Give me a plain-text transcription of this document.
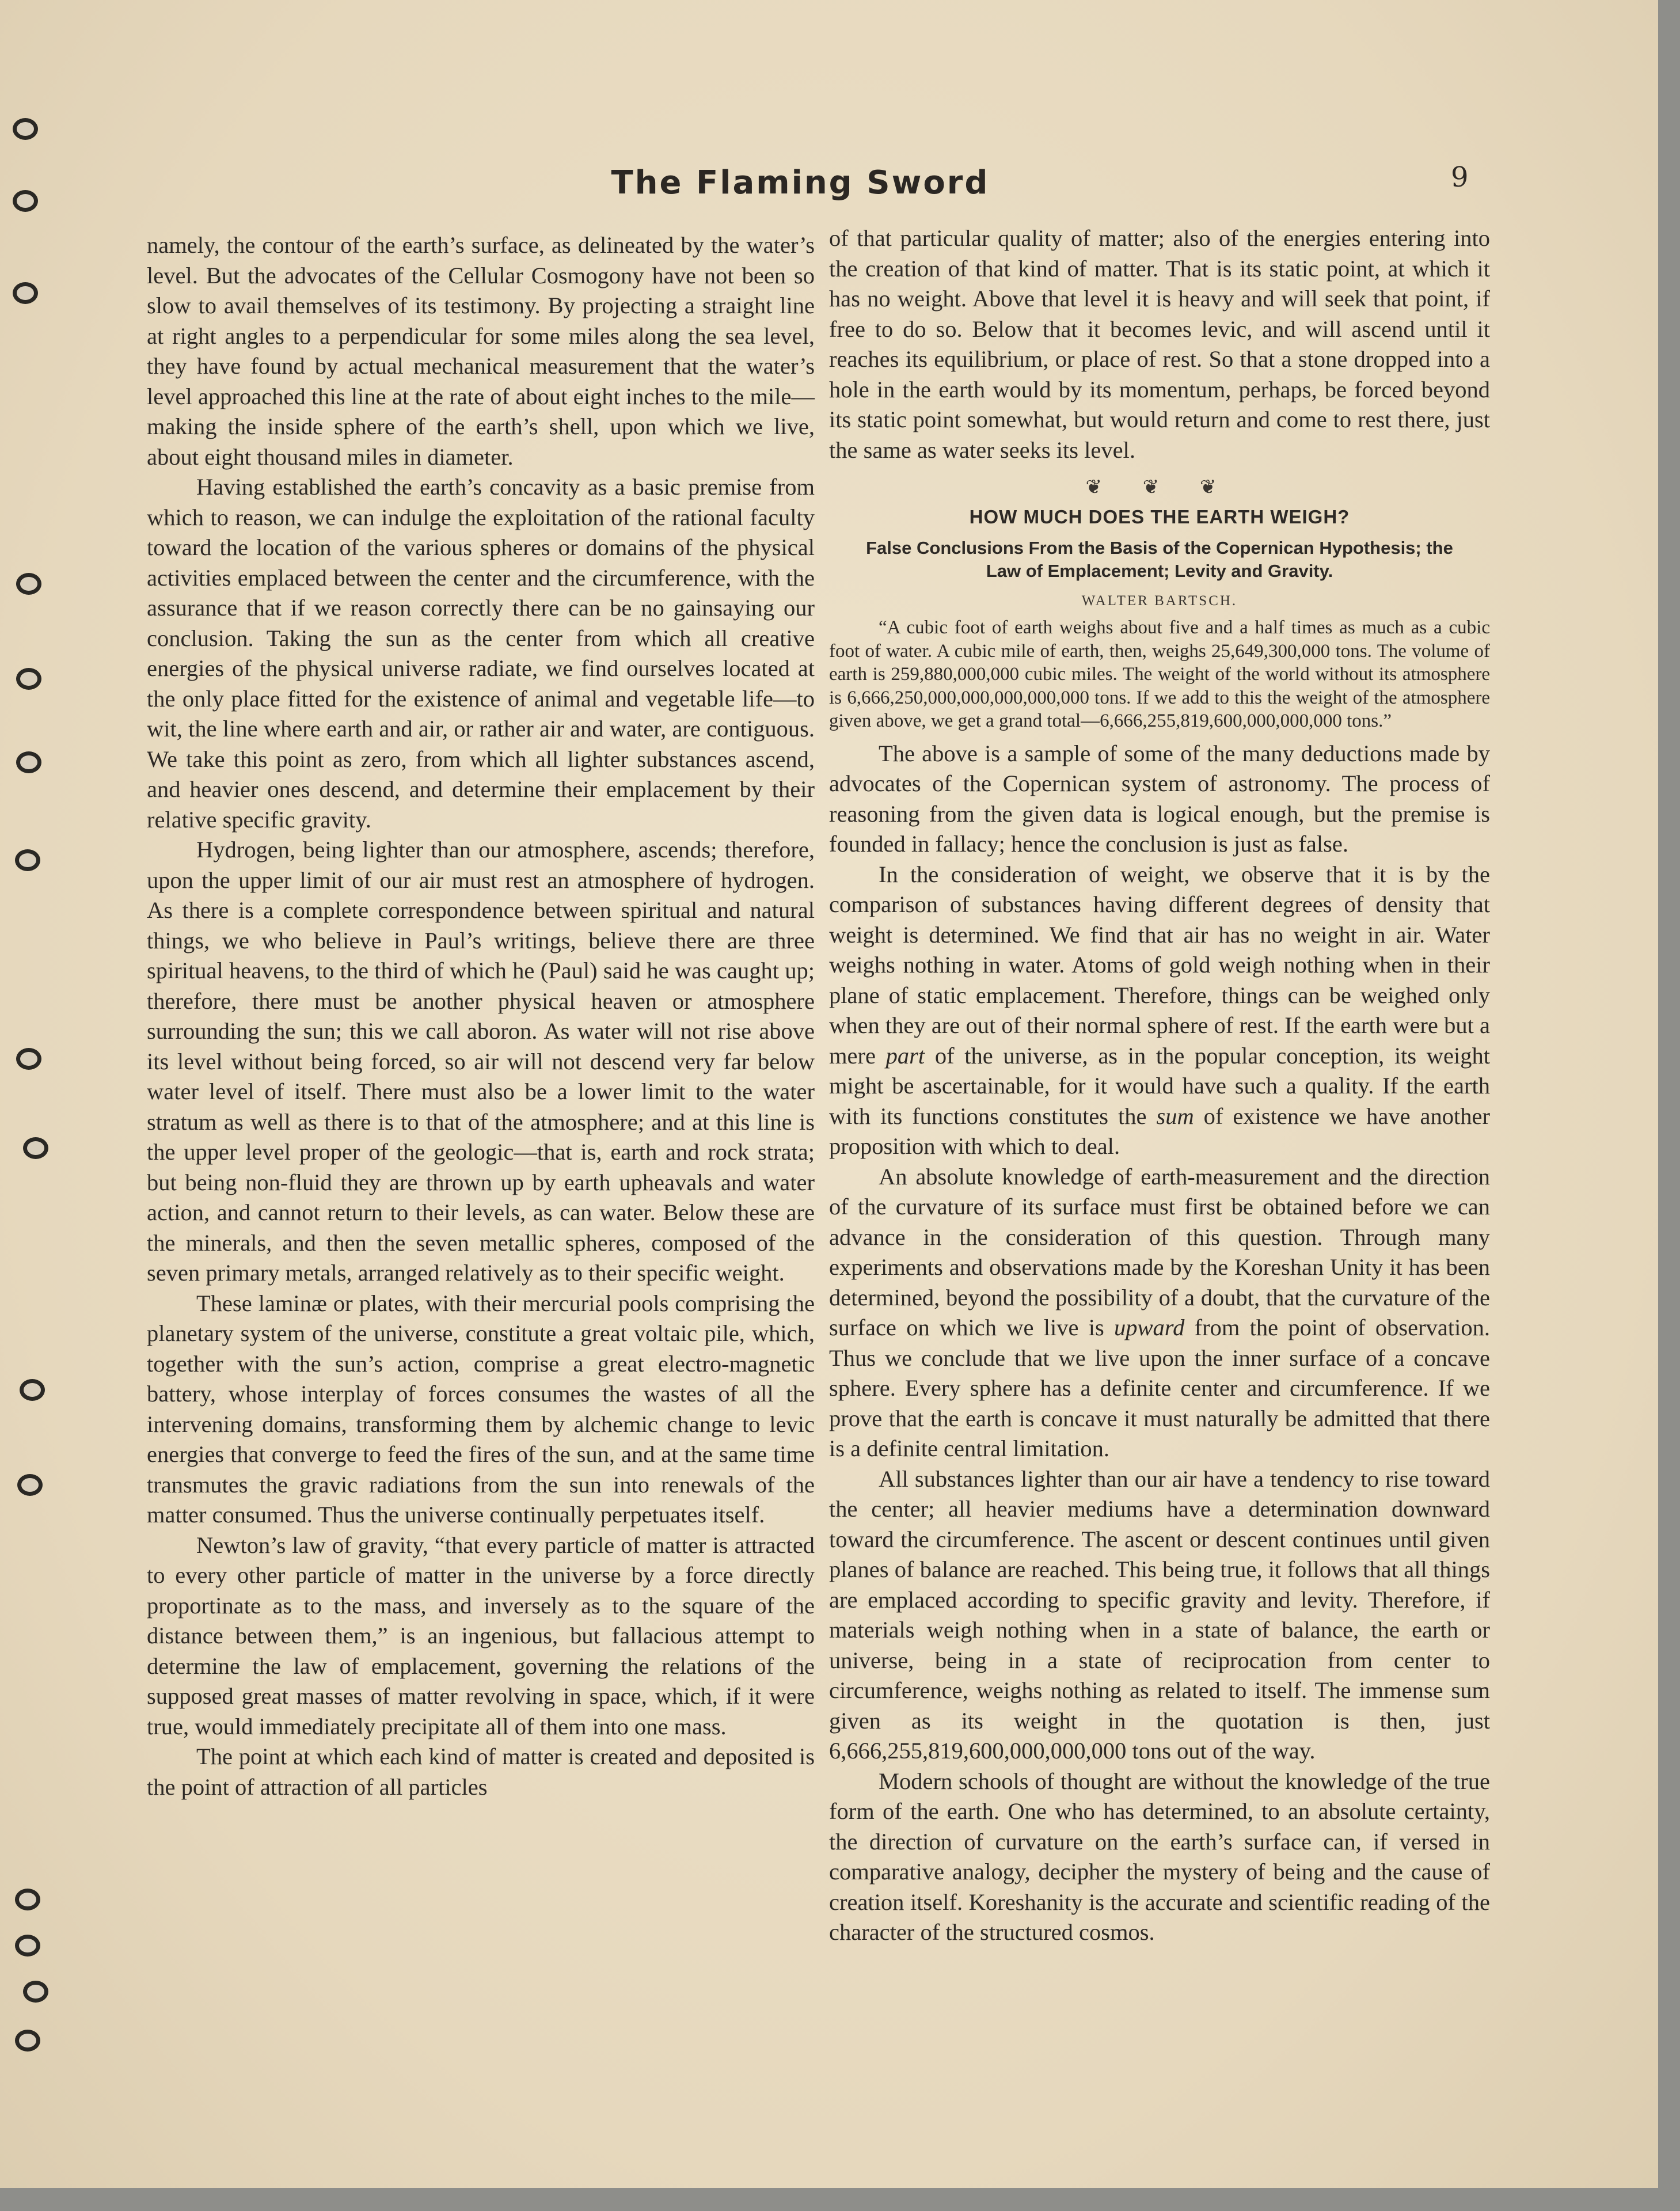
The Flaming Sword	9

namely, the contour of the earth’s surface, as delineated by the water’s level. But the advocates of the Cellular Cosmogony have not been so slow to avail themselves of its testimony. By projecting a straight line at right angles to a perpendicular for some miles along the sea level, they have found by actual mechanical measurement that the water’s level approached this line at the rate of about eight inches to the mile—making the inside sphere of the earth’s shell, upon which we live, about eight thousand miles in diameter.

Having established the earth’s concavity as a basic premise from which to reason, we can indulge the exploitation of the rational faculty toward the location of the various spheres or domains of the physical activities emplaced between the center and the circumference, with the assurance that if we reason correctly there can be no gainsaying our conclusion. Taking the sun as the center from which all creative energies of the physical universe radiate, we find ourselves located at the only place fitted for the existence of animal and vegetable life—to wit, the line where earth and air, or rather air and water, are contiguous. We take this point as zero, from which all lighter substances ascend, and heavier ones descend, and determine their emplacement by their relative specific gravity.

Hydrogen, being lighter than our atmosphere, ascends; therefore, upon the upper limit of our air must rest an atmosphere of hydrogen. As there is a complete correspondence between spiritual and natural things, we who believe in Paul’s writings, believe there are three spiritual heavens, to the third of which he (Paul) said he was caught up; therefore, there must be another physical heaven or atmosphere surrounding the sun; this we call aboron. As water will not rise above its level without being forced, so air will not descend very far below water level of itself. There must also be a lower limit to the water stratum as well as there is to that of the atmosphere; and at this line is the upper level proper of the geologic—that is, earth and rock strata; but being non-fluid they are thrown up by earth upheavals and water action, and cannot return to their levels, as can water. Below these are the minerals, and then the seven metallic spheres, composed of the seven primary metals, arranged relatively as to their specific weight.

These laminæ or plates, with their mercurial pools comprising the planetary system of the universe, constitute a great voltaic pile, which, together with the sun’s action, comprise a great electro-magnetic battery, whose interplay of forces consumes the wastes of all the intervening domains, transforming them by alchemic change to levic energies that converge to feed the fires of the sun, and at the same time transmutes the gravic radiations from the sun into renewals of the matter consumed. Thus the universe continually perpetuates itself.

Newton’s law of gravity, “that every particle of matter is attracted to every other particle of matter in the universe by a force directly proportinate as to the mass, and inversely as to the square of the distance between them,” is an ingenious, but fallacious attempt to determine the law of emplacement, governing the relations of the supposed great masses of matter revolving in space, which, if it were true, would immediately precipitate all of them into one mass.

The point at which each kind of matter is created and deposited is the point of attraction of all particles

of that particular quality of matter; also of the energies entering into the creation of that kind of matter. That is its static point, at which it has no weight. Above that level it is heavy and will seek that point, if free to do so. Below that it becomes levic, and will ascend until it reaches its equilibrium, or place of rest. So that a stone dropped into a hole in the earth would by its momentum, perhaps, be forced beyond its static point somewhat, but would return and come to rest there, just the same as water seeks its level.

❦ ❦ ❦
HOW MUCH DOES THE EARTH WEIGH?
False Conclusions From the Basis of the Copernican Hypothesis; the Law of Emplacement; Levity and Gravity.
WALTER BARTSCH.

“A cubic foot of earth weighs about five and a half times as much as a cubic foot of water. A cubic mile of earth, then, weighs 25,649,300,000 tons. The volume of earth is 259,880,000,000 cubic miles. The weight of the world without its atmosphere is 6,666,250,000,000,000,000,000 tons. If we add to this the weight of the atmosphere given above, we get a grand total—6,666,255,819,600,000,000,000 tons.”

The above is a sample of some of the many deductions made by advocates of the Copernican system of astronomy. The process of reasoning from the given data is logical enough, but the premise is founded in fallacy; hence the conclusion is just as false.

In the consideration of weight, we observe that it is by the comparison of substances having different degrees of density that weight is determined. We find that air has no weight in air. Water weighs nothing in water. Atoms of gold weigh nothing when in their plane of static emplacement. Therefore, things can be weighed only when they are out of their normal sphere of rest. If the earth were but a mere part of the universe, as in the popular conception, its weight might be ascertainable, for it would have such a quality. If the earth with its functions constitutes the sum of existence we have another proposition with which to deal.

An absolute knowledge of earth-measurement and the direction of the curvature of its surface must first be obtained before we can advance in the consideration of this question. Through many experiments and observations made by the Koreshan Unity it has been determined, beyond the possibility of a doubt, that the curvature of the surface on which we live is upward from the point of observation. Thus we conclude that we live upon the inner surface of a concave sphere. Every sphere has a definite center and circumference. If we prove that the earth is concave it must naturally be admitted that there is a definite central limitation.

All substances lighter than our air have a tendency to rise toward the center; all heavier mediums have a determination downward toward the circumference. The ascent or descent continues until given planes of balance are reached. This being true, it follows that all things are emplaced according to specific gravity and levity. Therefore, if materials weigh nothing when in a state of balance, the earth or universe, being in a state of reciprocation from center to circumference, weighs nothing as related to itself. The immense sum given as its weight in the quotation is then, just 6,666,255,819,600,000,000,000 tons out of the way.

Modern schools of thought are without the knowledge of the true form of the earth. One who has determined, to an absolute certainty, the direction of curvature on the earth’s surface can, if versed in comparative analogy, decipher the mystery of being and the cause of creation itself. Koreshanity is the accurate and scientific reading of the character of the structured cosmos.
